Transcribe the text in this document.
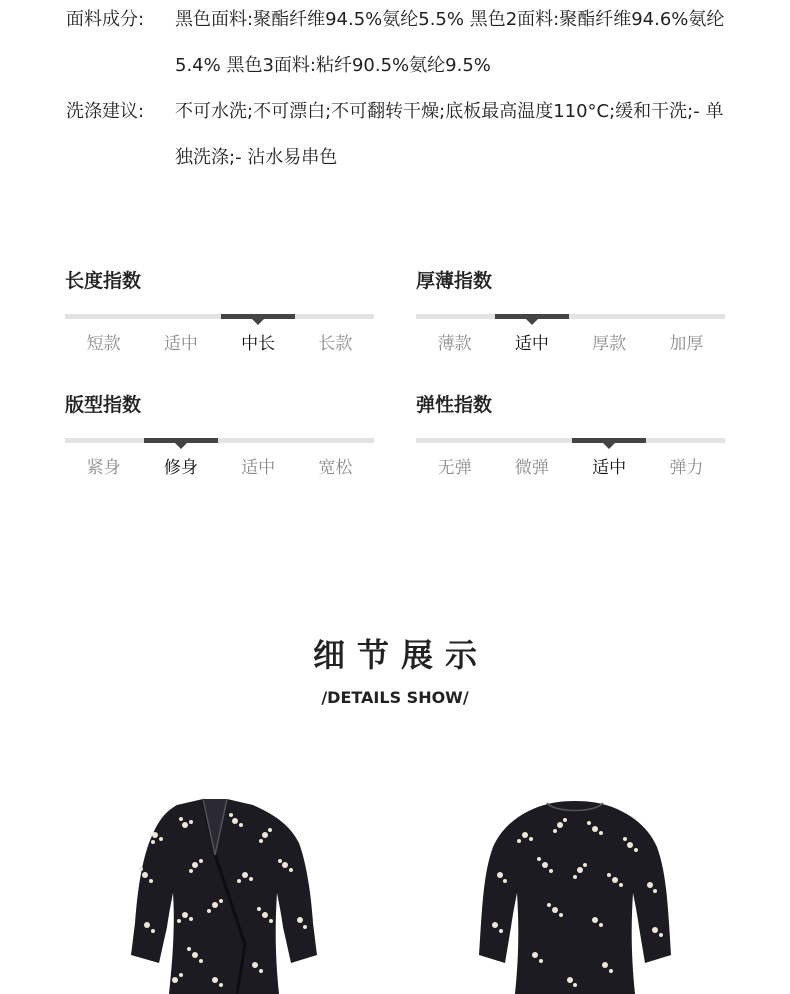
面料成分:	黑色面料:聚酯纤维94.5%氨纶5.5% 黑色2面料:聚酯纤维94.6%氨纶5.4% 黑色3面料:粘纤90.5%氨纶9.5%
洗涤建议:	不可水洗;不可漂白;不可翻转干燥;底板最高温度110°C;缓和干洗;- 单独洗涤;- 沾水易串色
长度指数
短款	适中	中长	长款
厚薄指数
薄款	适中	厚款	加厚
版型指数
紧身	修身	适中	宽松
弹性指数
无弹	微弹	适中	弹力
细节展示
/DETAILS SHOW/
